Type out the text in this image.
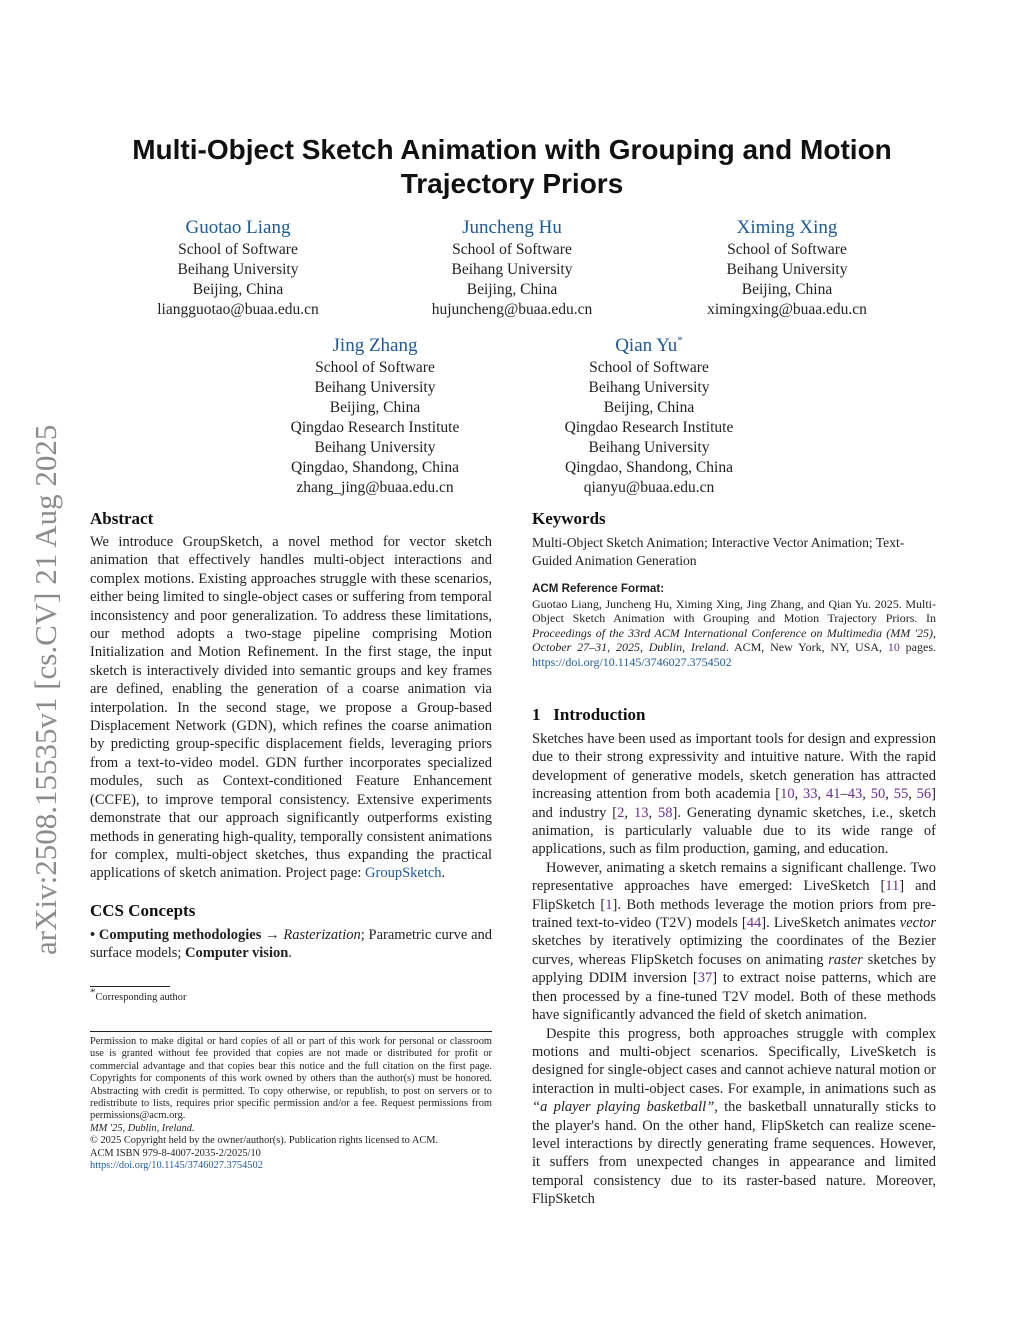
arXiv:2508.15535v1 [cs.CV] 21 Aug 2025
Multi-Object Sketch Animation with Grouping and Motion Trajectory Priors
Guotao Liang
School of Software
Beihang University
Beijing, China
liangguotao@buaa.edu.cn
Juncheng Hu
School of Software
Beihang University
Beijing, China
hujuncheng@buaa.edu.cn
Ximing Xing
School of Software
Beihang University
Beijing, China
ximingxing@buaa.edu.cn
Jing Zhang
School of Software
Beihang University
Beijing, China
Qingdao Research Institute
Beihang University
Qingdao, Shandong, China
zhang_jing@buaa.edu.cn
Qian Yu*
School of Software
Beihang University
Beijing, China
Qingdao Research Institute
Beihang University
Qingdao, Shandong, China
qianyu@buaa.edu.cn
Abstract
We introduce GroupSketch, a novel method for vector sketch animation that effectively handles multi-object interactions and complex motions. Existing approaches struggle with these scenarios, either being limited to single-object cases or suffering from temporal inconsistency and poor generalization. To address these limitations, our method adopts a two-stage pipeline comprising Motion Initialization and Motion Refinement. In the first stage, the input sketch is interactively divided into semantic groups and key frames are defined, enabling the generation of a coarse animation via interpolation. In the second stage, we propose a Group-based Displacement Network (GDN), which refines the coarse animation by predicting group-specific displacement fields, leveraging priors from a text-to-video model. GDN further incorporates specialized modules, such as Context-conditioned Feature Enhancement (CCFE), to improve temporal consistency. Extensive experiments demonstrate that our approach significantly outperforms existing methods in generating high-quality, temporally consistent animations for complex, multi-object sketches, thus expanding the practical applications of sketch animation. Project page: GroupSketch.
CCS Concepts
• Computing methodologies → Rasterization; Parametric curve and surface models; Computer vision.
*Corresponding author

Permission to make digital or hard copies of all or part of this work for personal or classroom use is granted without fee provided that copies are not made or distributed for profit or commercial advantage and that copies bear this notice and the full citation on the first page. Copyrights for components of this work owned by others than the author(s) must be honored. Abstracting with credit is permitted. To copy otherwise, or republish, to post on servers or to redistribute to lists, requires prior specific permission and/or a fee. Request permissions from permissions@acm.org.

MM '25, Dublin, Ireland.

© 2025 Copyright held by the owner/author(s). Publication rights licensed to ACM.

ACM ISBN 979-8-4007-2035-2/2025/10

https://doi.org/10.1145/3746027.3754502

Keywords
Multi-Object Sketch Animation; Interactive Vector Animation; Text-Guided Animation Generation

ACM Reference Format:

Guotao Liang, Juncheng Hu, Ximing Xing, Jing Zhang, and Qian Yu. 2025. Multi-Object Sketch Animation with Grouping and Motion Trajectory Priors. In Proceedings of the 33rd ACM International Conference on Multimedia (MM '25), October 27–31, 2025, Dublin, Ireland. ACM, New York, NY, USA, 10 pages. https://doi.org/10.1145/3746027.3754502

1 Introduction

Sketches have been used as important tools for design and expression due to their strong expressivity and intuitive nature. With the rapid development of generative models, sketch generation has attracted increasing attention from both academia [10, 33, 41–43, 50, 55, 56] and industry [2, 13, 58]. Generating dynamic sketches, i.e., sketch animation, is particularly valuable due to its wide range of applications, such as film production, gaming, and education.

However, animating a sketch remains a significant challenge. Two representative approaches have emerged: LiveSketch [11] and FlipSketch [1]. Both methods leverage the motion priors from pre-trained text-to-video (T2V) models [44]. LiveSketch animates vector sketches by iteratively optimizing the coordinates of the Bezier curves, whereas FlipSketch focuses on animating raster sketches by applying DDIM inversion [37] to extract noise patterns, which are then processed by a fine-tuned T2V model. Both of these methods have significantly advanced the field of sketch animation.

Despite this progress, both approaches struggle with complex motions and multi-object scenarios. Specifically, LiveSketch is designed for single-object cases and cannot achieve natural motion or interaction in multi-object cases. For example, in animations such as “a player playing basketball”, the basketball unnaturally sticks to the player's hand. On the other hand, FlipSketch can realize scene-level interactions by directly generating frame sequences. However, it suffers from unexpected changes in appearance and limited temporal consistency due to its raster-based nature. Moreover, FlipSketch
